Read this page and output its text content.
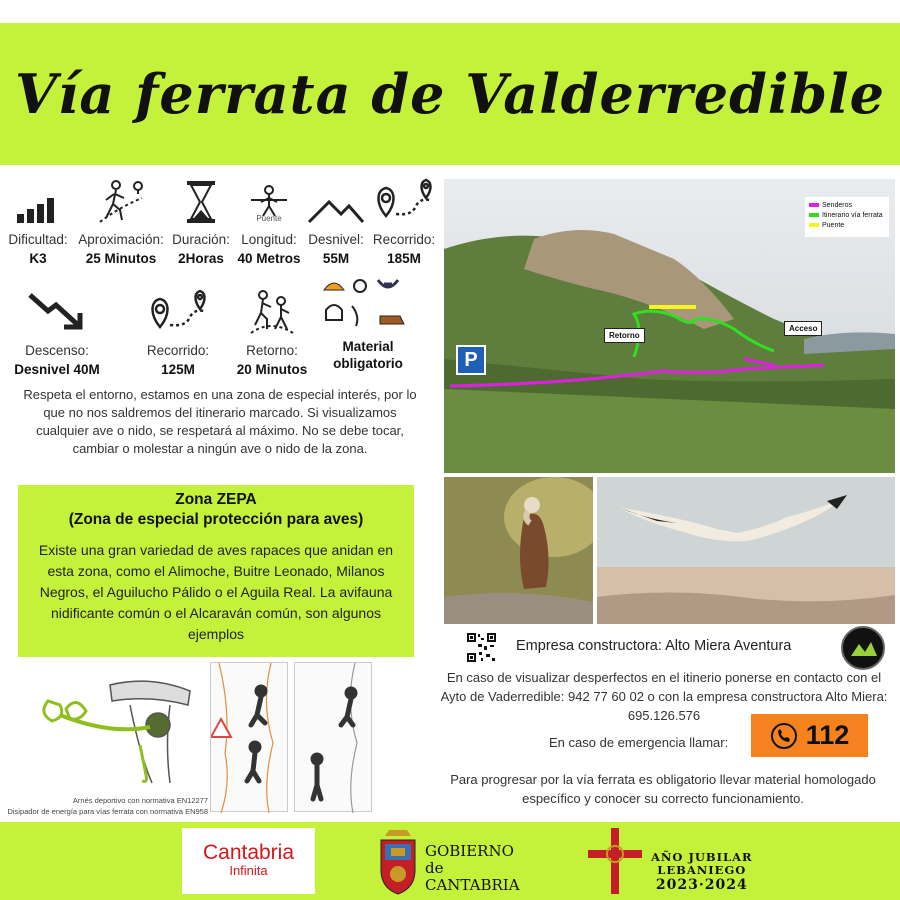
Vía ferrata de Valderredible
Dificultad:
K3
Aproximación:
25 Minutos
Duración:
2Horas
Puente
Longitud:
40 Metros
Desnivel:
55M
Recorrido:
185M
Descenso:
Desnivel 40M
Recorrido:
125M
Retorno:
20 Minutos
Material obligatorio
Respeta el entorno, estamos en una zona de especial interés, por lo que no nos saldremos del itinerario marcado. Si visualizamos cualquier ave o nido, se respetará al máximo. No se debe tocar, cambiar o molestar a ningún ave o nido de la zona.
Zona ZEPA
(Zona de especial protección para aves)

Existe una gran variedad de aves rapaces que anidan en esta zona, como el Alimoche, Buitre Leonado, Milanos Negros, el Aguilucho Pálido o el Aguila Real. La avifauna nidificante común o el Alcaraván común, son algunos ejemplos

Arnés deportivo con normativa EN12277
Disipador de energía para vías ferrata con normativa EN958
Senderos
Itinerario vía ferrata
Puente
Retorno
Acceso
P
Empresa constructora: Alto Miera Aventura
En caso de visualizar desperfectos en el itinerio ponerse en contacto con el Ayto de Vaderredible: 942 77 60 02 o con la empresa constructora Alto Miera: 695.126.576
En caso de emergencia llamar:	112
Para progresar por la vía ferrata es obligatorio llevar material homologado específico y conocer su correcto funcionamiento.
Cantabria
Infinita
GOBIERNO
de
CANTABRIA
AÑO JUBILAR
LEBANIEGO
2023·2024
